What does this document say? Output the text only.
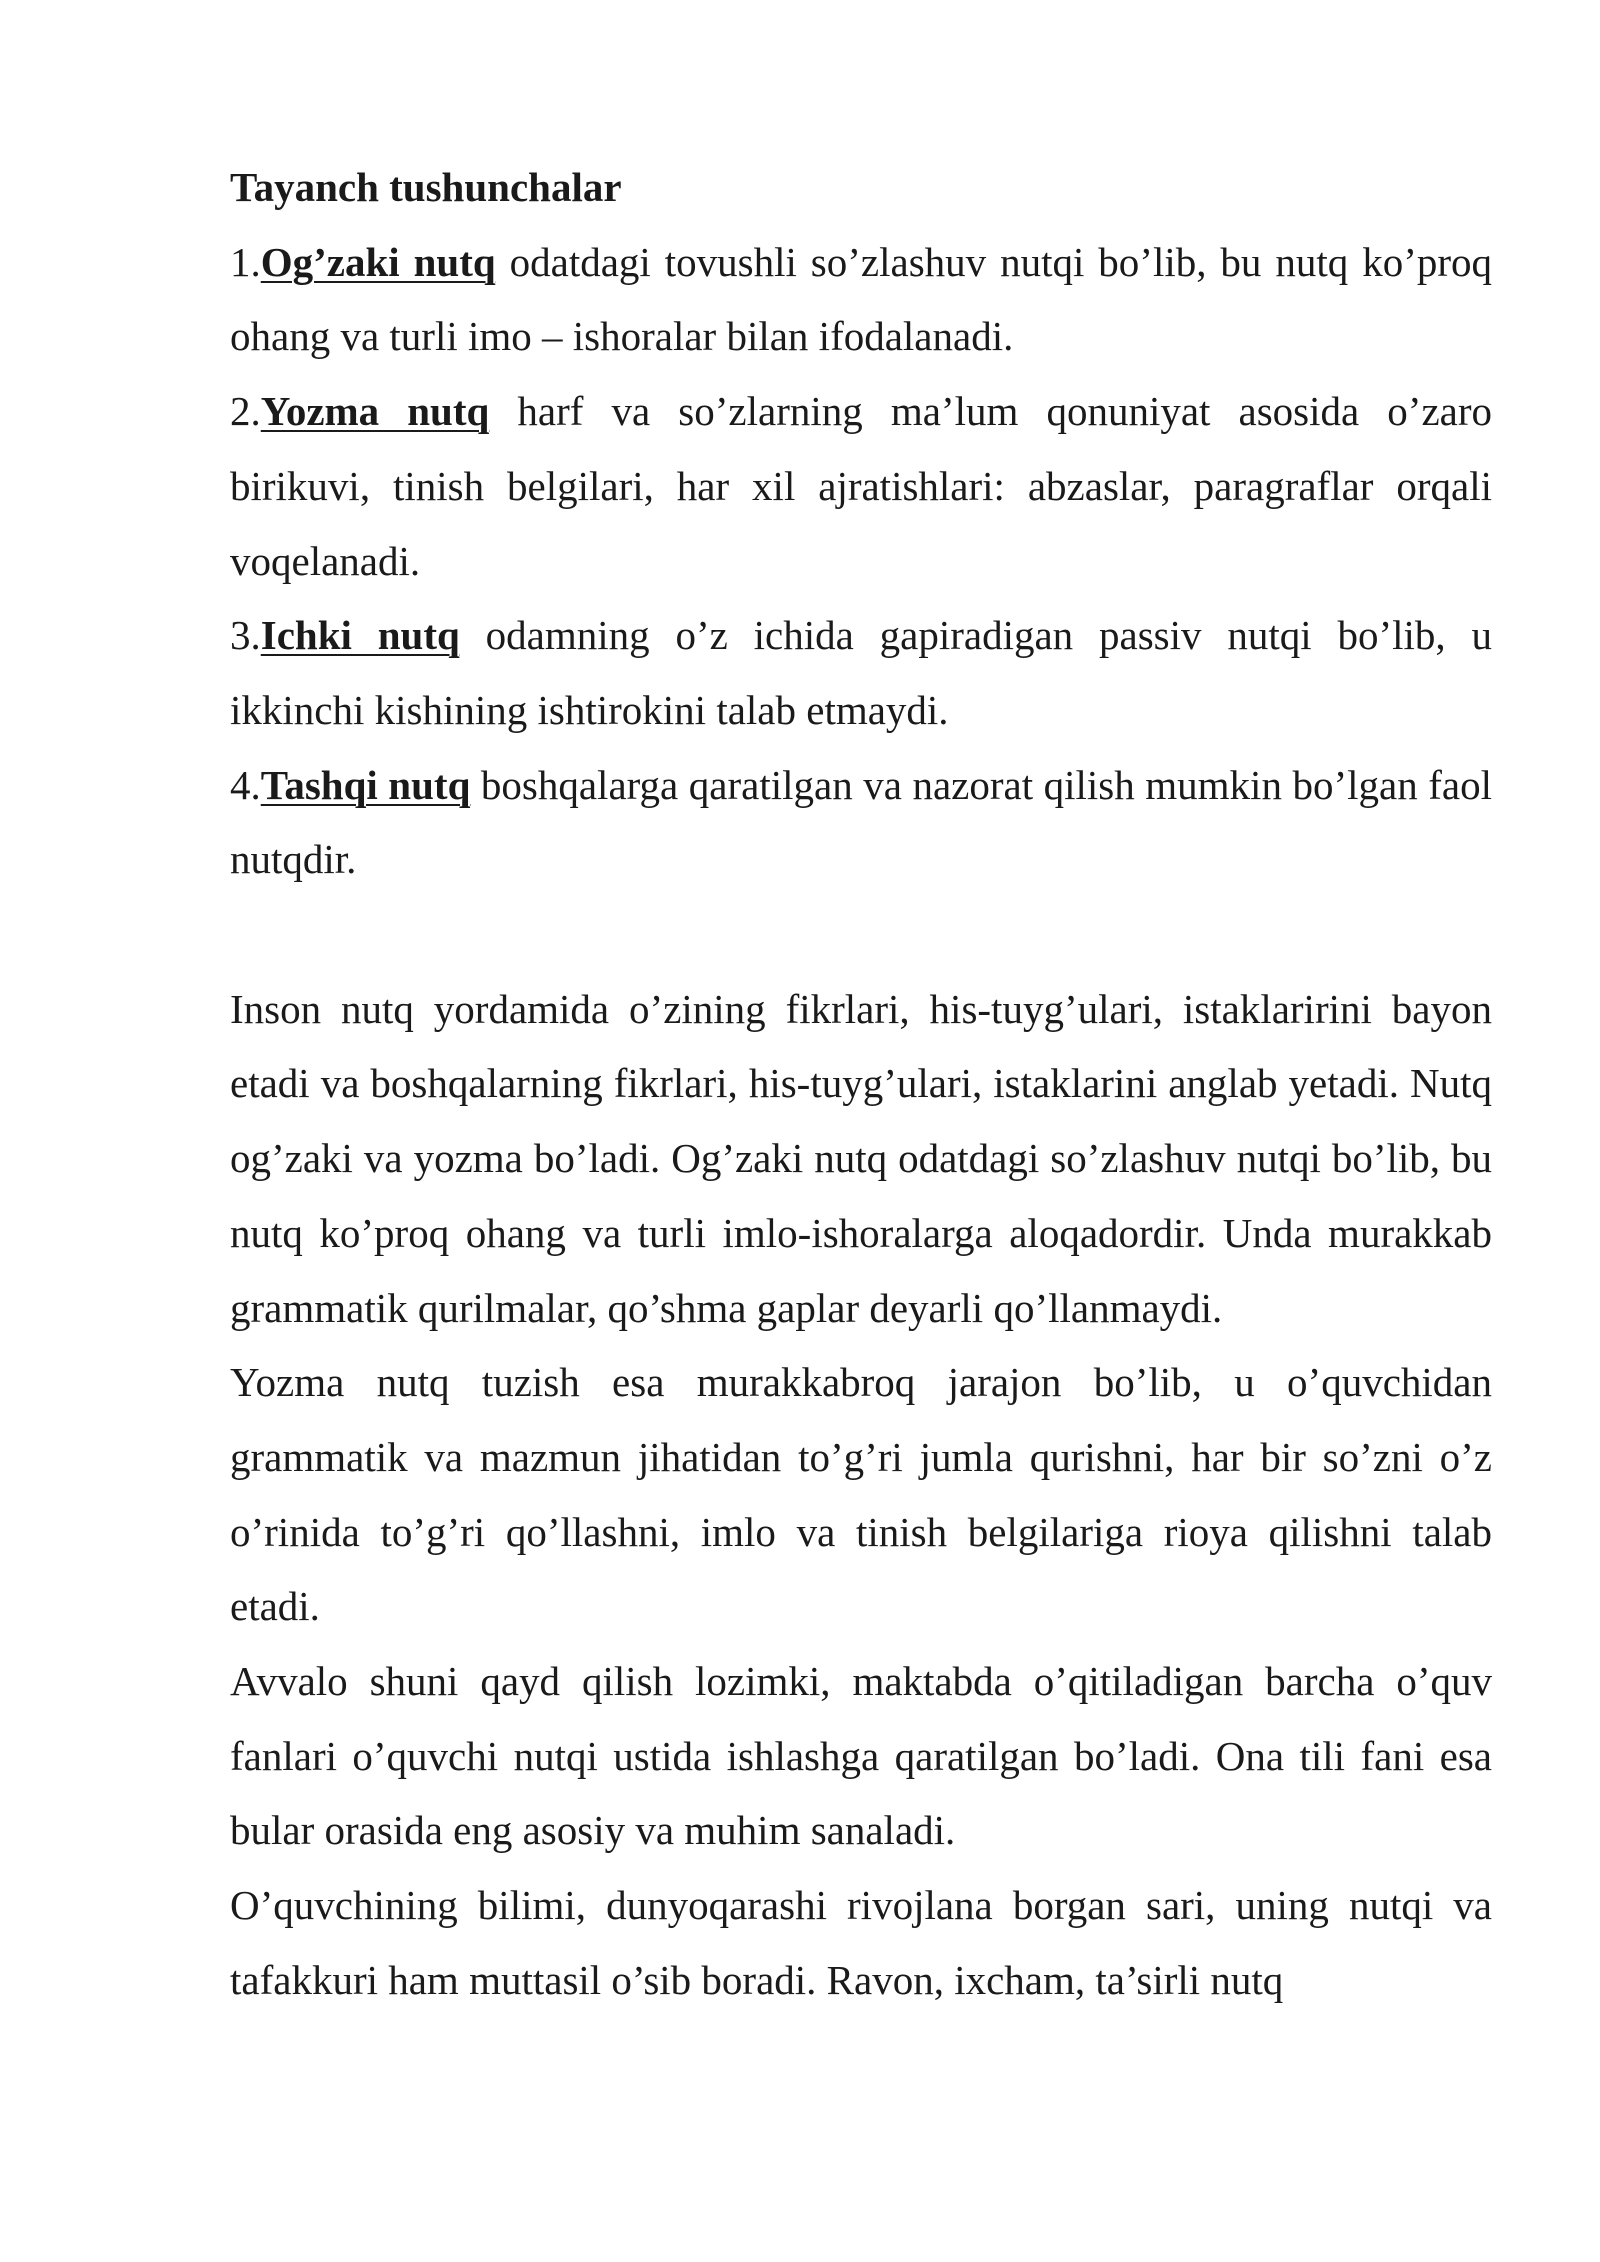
Tayanch tushunchalar

1.Og’zaki nutq odatdagi tovushli so’zlashuv nutqi bo’lib, bu nutq ko’proq ohang va turli imo – ishoralar bilan ifodalanadi.

2.Yozma nutq harf va so’zlarning ma’lum qonuniyat asosida o’zaro birikuvi, tinish belgilari, har xil ajratishlari: abzaslar, paragraflar orqali voqelanadi.

3.Ichki nutq odamning o’z ichida gapiradigan passiv nutqi bo’lib, u ikkinchi kishining ishtirokini talab etmaydi.

4.Tashqi nutq boshqalarga qaratilgan va nazorat qilish mumkin bo’lgan faol nutqdir.

Inson nutq yordamida o’zining fikrlari, his-tuyg’ulari, istaklaririni bayon etadi va boshqalarning fikrlari, his-tuyg’ulari, istaklarini anglab yetadi. Nutq og’zaki va yozma bo’ladi. Og’zaki nutq odatdagi so’zlashuv nutqi bo’lib, bu nutq ko’proq ohang va turli imlo-ishoralarga aloqadordir. Unda murakkab grammatik qurilmalar, qo’shma gaplar deyarli qo’llanmaydi.

Yozma nutq tuzish esa murakkabroq jarajon bo’lib, u o’quvchidan grammatik va mazmun jihatidan to’g’ri jumla qurishni, har bir so’zni o’z o’rinida to’g’ri qo’llashni, imlo va tinish belgilariga rioya qilishni talab etadi.

Avvalo shuni qayd qilish lozimki, maktabda o’qitiladigan barcha o’quv fanlari o’quvchi nutqi ustida ishlashga qaratilgan bo’ladi. Ona tili fani esa bular orasida eng asosiy va muhim sanaladi.

O’quvchining bilimi, dunyoqarashi rivojlana borgan sari, uning nutqi va tafakkuri ham muttasil o’sib boradi. Ravon, ixcham, ta’sirli nutq
